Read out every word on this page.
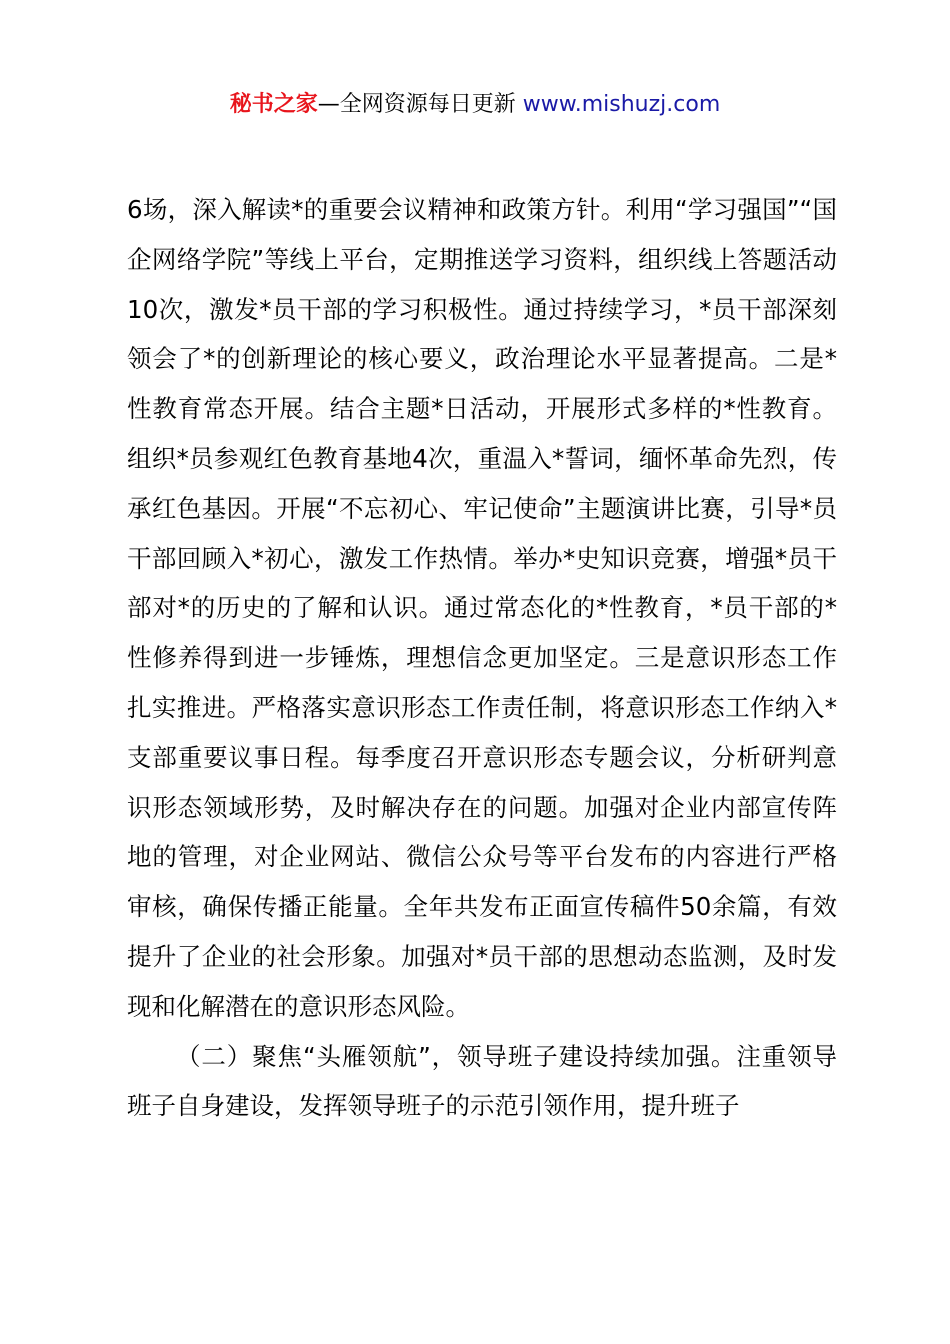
秘书之家—全网资源每日更新 www.mishuzj.com

6场，深入解读*的重要会议精神和政策方针。利用“学习强国”“国企网络学院”等线上平台，定期推送学习资料，组织线上答题活动10次，激发*员干部的学习积极性。通过持续学习，*员干部深刻领会了*的创新理论的核心要义，政治理论水平显著提高。二是*性教育常态开展。结合主题*日活动，开展形式多样的*性教育。组织*员参观红色教育基地4次，重温入*誓词，缅怀革命先烈，传承红色基因。开展“不忘初心、牢记使命”主题演讲比赛，引导*员干部回顾入*初心，激发工作热情。举办*史知识竞赛，增强*员干部对*的历史的了解和认识。通过常态化的*性教育，*员干部的*性修养得到进一步锤炼，理想信念更加坚定。三是意识形态工作扎实推进。严格落实意识形态工作责任制，将意识形态工作纳入*支部重要议事日程。每季度召开意识形态专题会议，分析研判意识形态领域形势，及时解决存在的问题。加强对企业内部宣传阵地的管理，对企业网站、微信公众号等平台发布的内容进行严格审核，确保传播正能量。全年共发布正面宣传稿件50余篇，有效提升了企业的社会形象。加强对*员干部的思想动态监测，及时发现和化解潜在的意识形态风险。

（二）聚焦“头雁领航”，领导班子建设持续加强。注重领导班子自身建设，发挥领导班子的示范引领作用，提升班子
